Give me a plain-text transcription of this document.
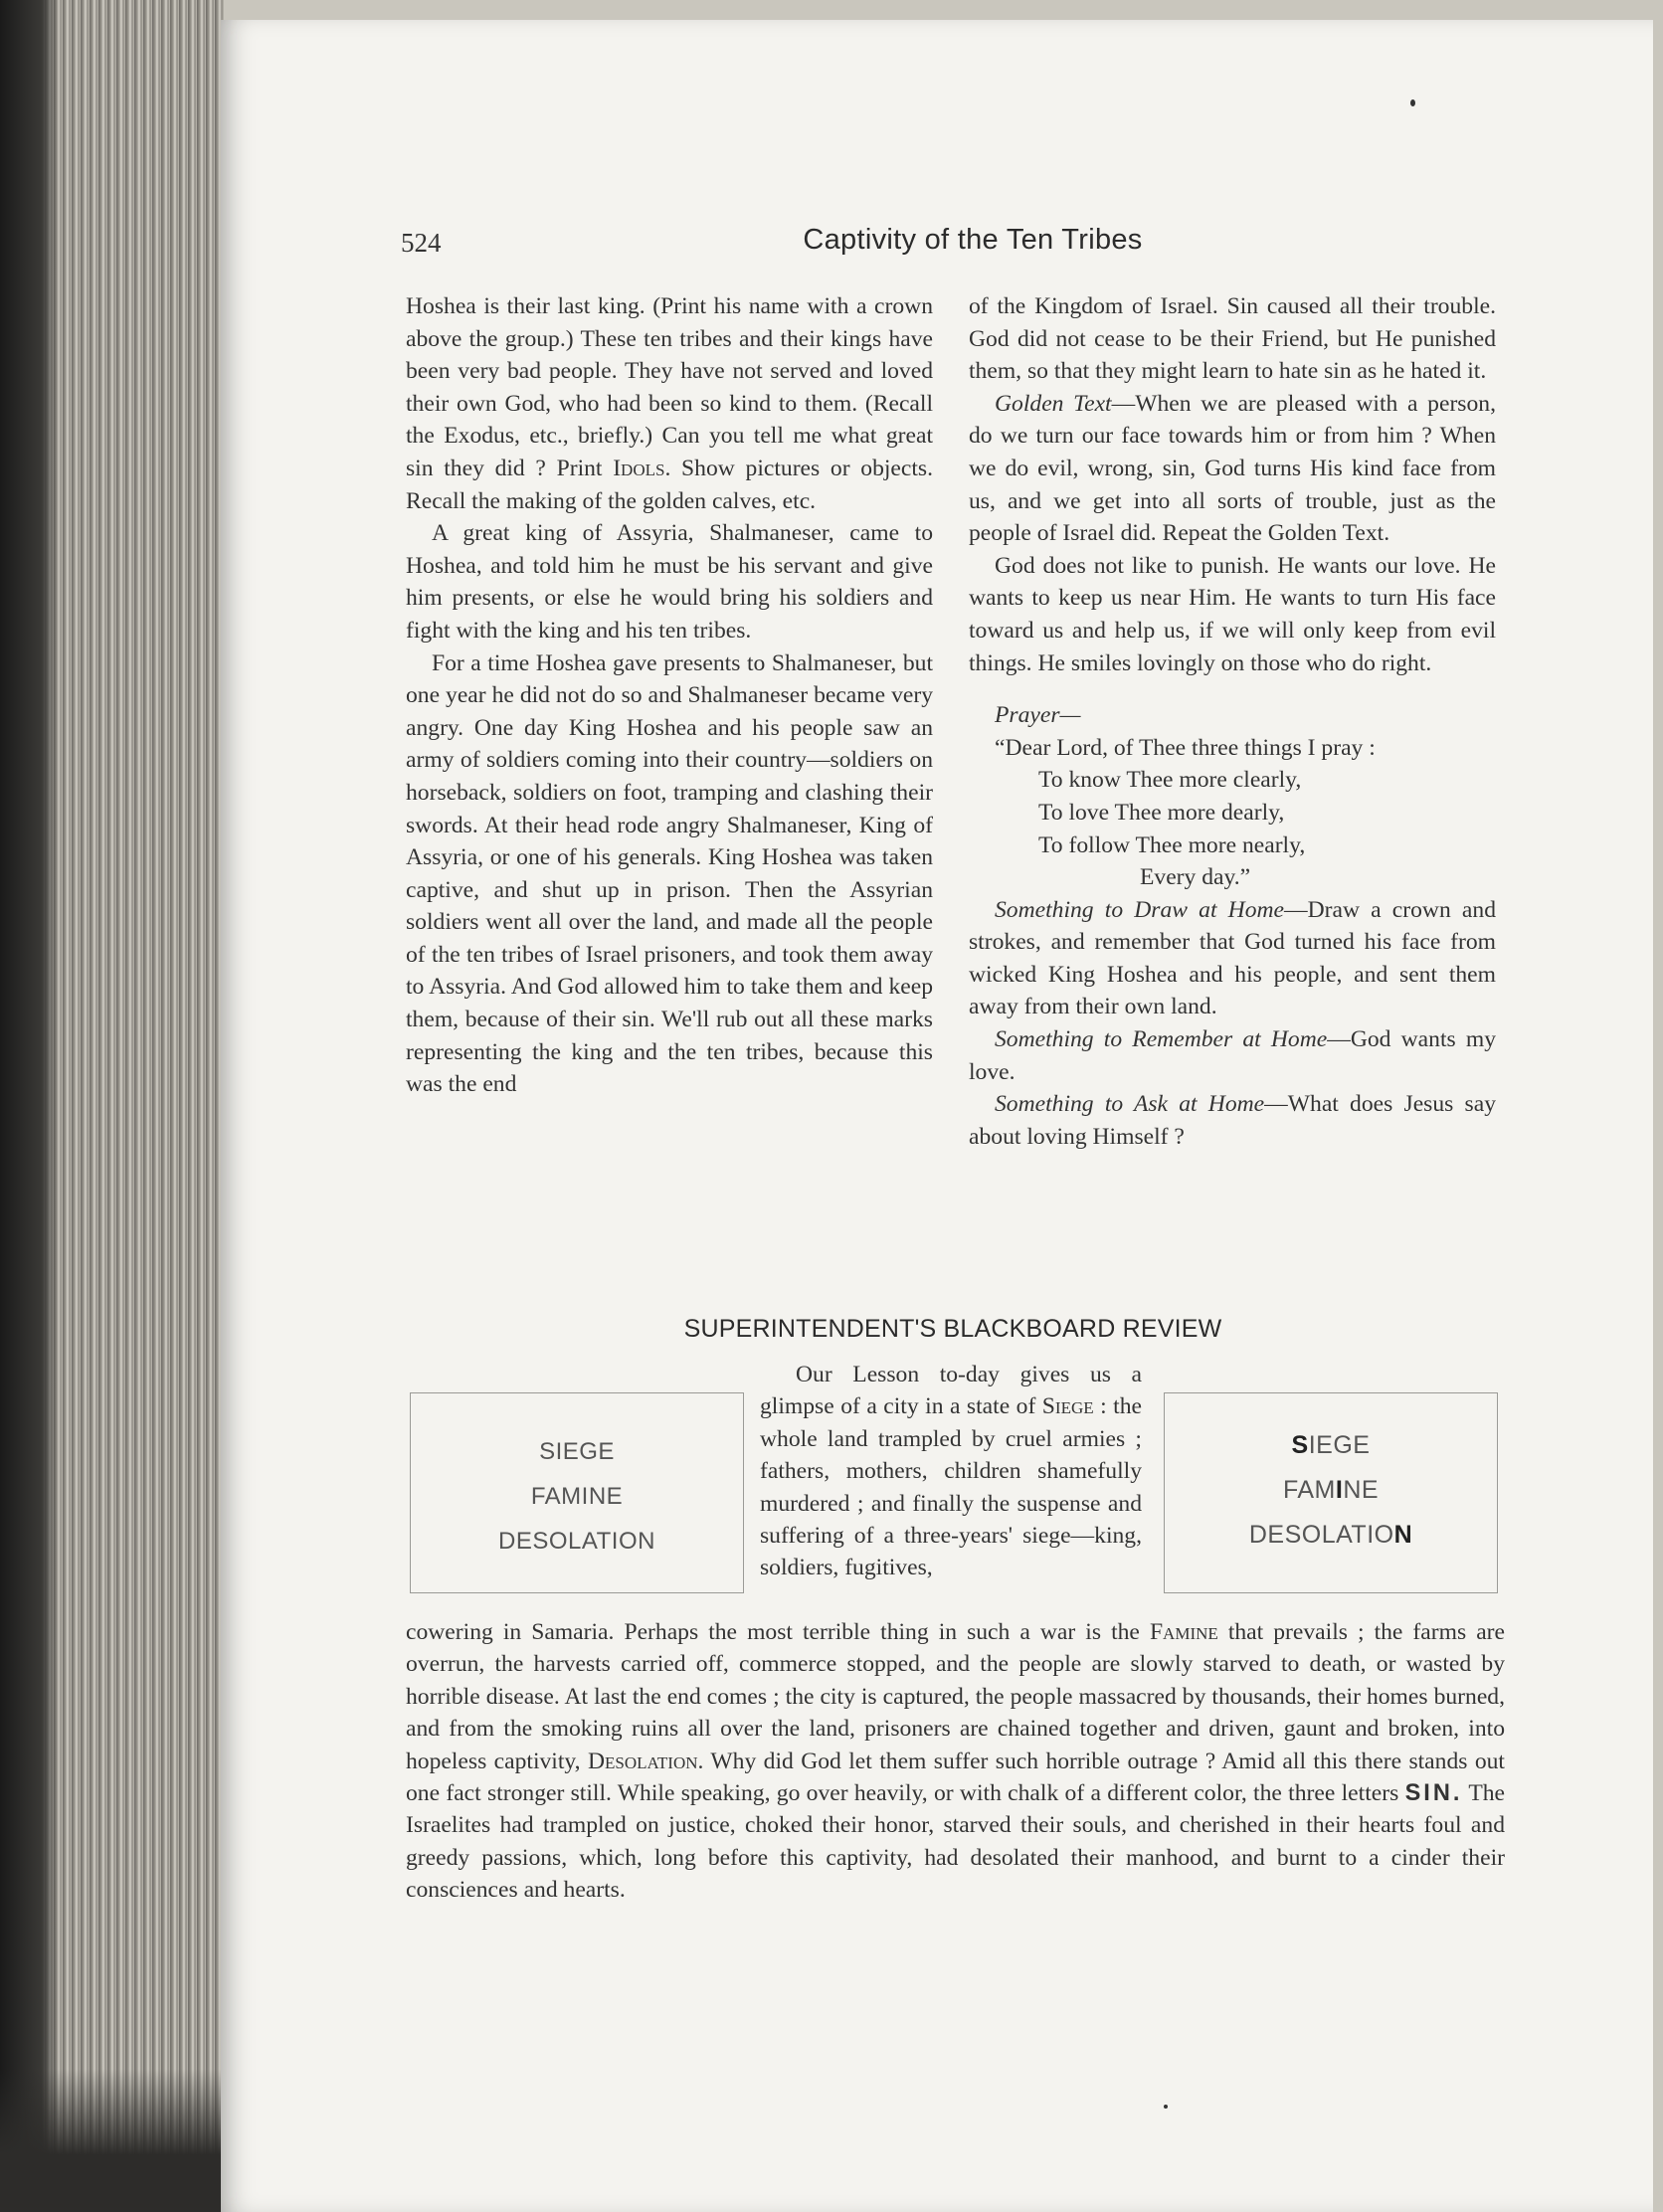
524	Captivity of the Ten Tribes

Hoshea is their last king. (Print his name with a crown above the group.) These ten tribes and their kings have been very bad people. They have not served and loved their own God, who had been so kind to them. (Recall the Exodus, etc., briefly.) Can you tell me what great sin they did ? Print Idols. Show pictures or objects. Recall the making of the golden calves, etc.

A great king of Assyria, Shalmaneser, came to Hoshea, and told him he must be his servant and give him presents, or else he would bring his soldiers and fight with the king and his ten tribes.

For a time Hoshea gave presents to Shalmaneser, but one year he did not do so and Shalmaneser became very angry. One day King Hoshea and his people saw an army of soldiers coming into their country—soldiers on horseback, soldiers on foot, tramping and clashing their swords. At their head rode angry Shalmaneser, King of Assyria, or one of his generals. King Hoshea was taken captive, and shut up in prison. Then the Assyrian soldiers went all over the land, and made all the people of the ten tribes of Israel prisoners, and took them away to Assyria. And God allowed him to take them and keep them, because of their sin. We'll rub out all these marks representing the king and the ten tribes, because this was the end

of the Kingdom of Israel. Sin caused all their trouble. God did not cease to be their Friend, but He punished them, so that they might learn to hate sin as he hated it.

Golden Text—When we are pleased with a person, do we turn our face towards him or from him ? When we do evil, wrong, sin, God turns His kind face from us, and we get into all sorts of trouble, just as the people of Israel did. Repeat the Golden Text.

God does not like to punish. He wants our love. He wants to keep us near Him. He wants to turn His face toward us and help us, if we will only keep from evil things. He smiles lovingly on those who do right.

Prayer—

“Dear Lord, of Thee three things I pray :
To know Thee more clearly,
To love Thee more dearly,
To follow Thee more nearly,
Every day.”

Something to Draw at Home—Draw a crown and strokes, and remember that God turned his face from wicked King Hoshea and his people, and sent them away from their own land.

Something to Remember at Home—God wants my love.

Something to Ask at Home—What does Jesus say about loving Himself ?

SUPERINTENDENT'S BLACKBOARD REVIEW
SIEGE
FAMINE
DESOLATION

Our Lesson to-day gives us a glimpse of a city in a state of Siege : the whole land trampled by cruel armies ; fathers, mothers, children shamefully murdered ; and finally the suspense and suffering of a three-years' siege—king, soldiers, fugitives,

SIEGE
FAMINE
DESOLATION

cowering in Samaria. Perhaps the most terrible thing in such a war is the Famine that prevails ; the farms are overrun, the harvests carried off, commerce stopped, and the people are slowly starved to death, or wasted by horrible disease. At last the end comes ; the city is captured, the people massacred by thousands, their homes burned, and from the smoking ruins all over the land, prisoners are chained together and driven, gaunt and broken, into hopeless captivity, Desolation. Why did God let them suffer such horrible outrage ? Amid all this there stands out one fact stronger still. While speaking, go over heavily, or with chalk of a different color, the three letters SIN. The Israelites had trampled on justice, choked their honor, starved their souls, and cherished in their hearts foul and greedy passions, which, long before this captivity, had desolated their manhood, and burnt to a cinder their consciences and hearts.
